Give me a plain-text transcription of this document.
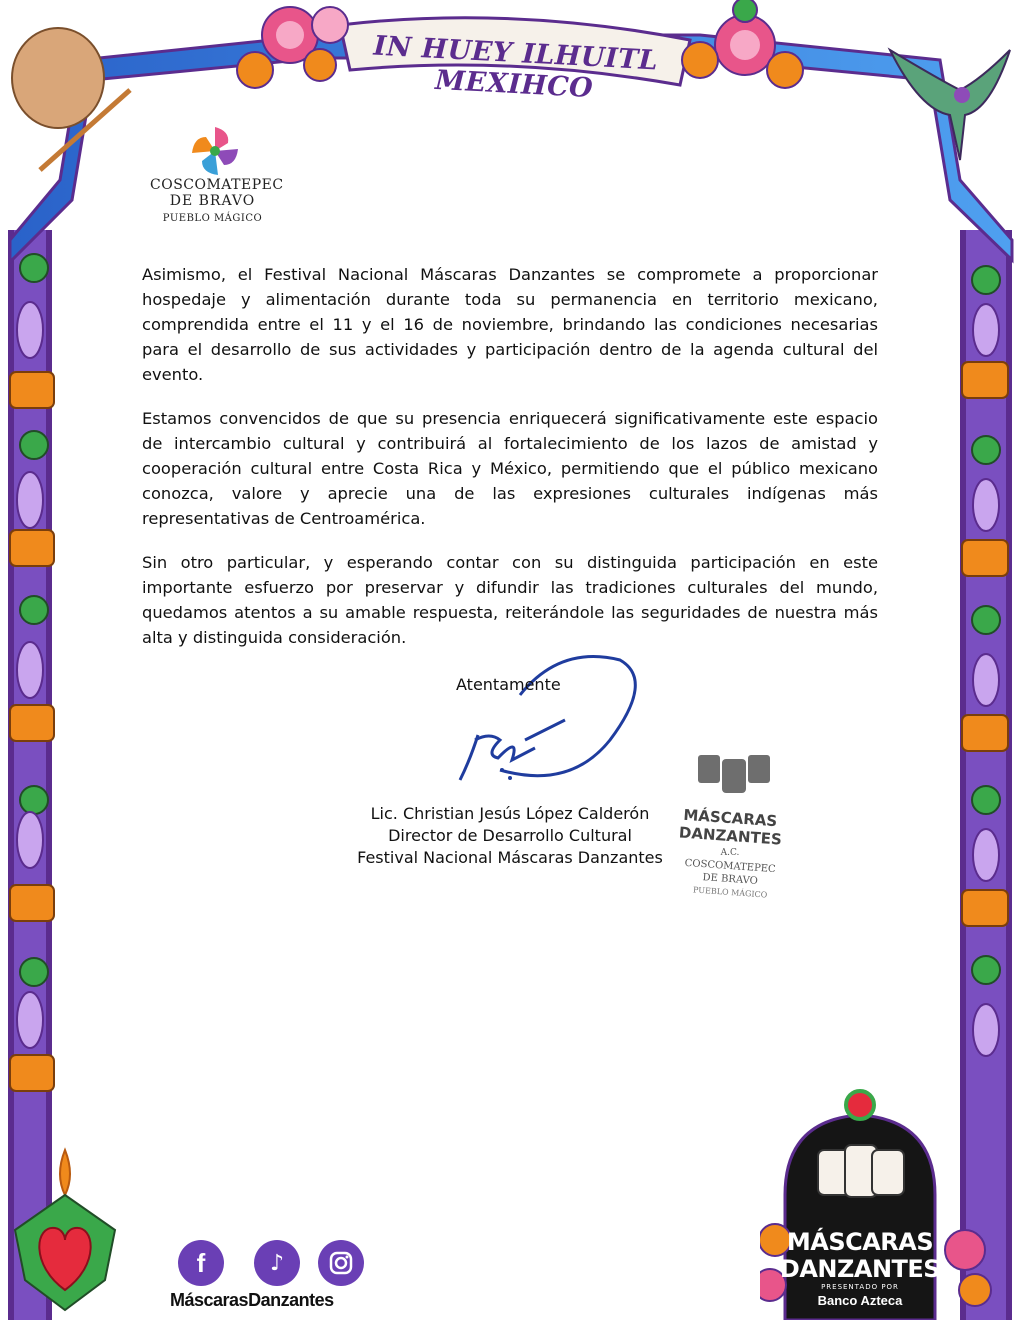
IN HUEY ILHUITL MEXIHCO
COSCOMATEPEC
DE BRAVO
PUEBLO MÁGICO

Asimismo, el Festival Nacional Máscaras Danzantes se compromete a proporcionar hospedaje y alimentación durante toda su permanencia en territorio mexicano, comprendida entre el 11 y el 16 de noviembre, brindando las condiciones necesarias para el desarrollo de sus actividades y participación dentro de la agenda cultural del evento.

Estamos convencidos de que su presencia enriquecerá significativamente este espacio de intercambio cultural y contribuirá al fortalecimiento de los lazos de amistad y cooperación cultural entre Costa Rica y México, permitiendo que el público mexicano conozca, valore y aprecie una de las expresiones culturales indígenas más representativas de Centroamérica.

Sin otro particular, y esperando contar con su distinguida participación en este importante esfuerzo por preservar y difundir las tradiciones culturales del mundo, quedamos atentos a su amable respuesta, reiterándole las seguridades de nuestra más alta y distinguida consideración.

Atentamente
Lic. Christian Jesús López Calderón
Director de Desarrollo Cultural
Festival Nacional Máscaras Danzantes
MÁSCARAS
DANZANTES
A.C.
COSCOMATEPEC
DE BRAVO
PUEBLO MÁGICO
f	♪
MáscarasDanzantes
MÁSCARAS
DANZANTES
PRESENTADO POR
Banco Azteca
